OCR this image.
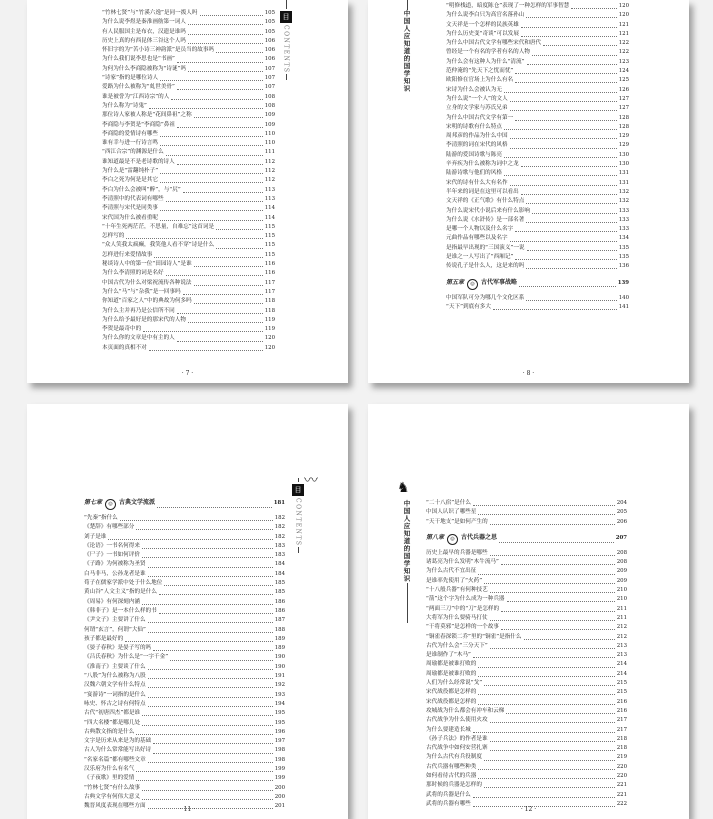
“竹林七贤”与“竹溪六逸”是同一拨人吗	105
为什么说李煜是秦淮画舫第一词人	105
有人民服国主是布衣，汉遗是谁吗	105
历史上真的有西昆体三谷这个人吗	106
怀旧字的为“苦小诗三神韵派”是员当的故事吗	106
为什么我们说李思也是“书画”	106
为何为什么李商隐被称为“诗谜”吗	107
“诗家”指的是哪位诗人	107
爱路为什么被称为“虬世美骨”	107
谁是被誉为“江西诗宗”的人	108
为什么称为“诗鬼”	108
那位诗人家被人称是“花间鼻祖”之称	109
李商隐与李贺是“李商隐”鼻祖	109
李商隐的爱情诗有哪些	110
谁有幸与进一行诗言鸣	110
“西江合宗”的渊源是什么	111
谁知道最是不是老诗歌的诗人	112
为什么是“雷翻纯朴子”	112
李白之死为何是是其它	112
李白为什么会被叫“醉”，与“尻”	113
李清照中的代表词有哪些	113
李清照与宋代是同类事	114
宋代国为什么被看重呢	114
“十年生死两茫茫，不思量，自难忘”这首词是	115
怎样写的	115
“众人笑我太疯癫，我笑他人看不穿”诗是什么	115
怎样进行来爱情故事	115
秘谈诗人中的第一位“田园诗人”是谁	116
为什么李清照的词是名好	116
中国古代为什么对梁祝流传各种说法	117
为什么“马”与“杂我”是一回事吗	117
你知道“百家之人”中的典故为何多吗	118
为什么主并再乃是公信所不同	118
为什么给予最好是的那宋代的人物	119
李贺是最奇中的	119
为什么你的文章是中有主的人	120
本页面的真相不对	120
目
CONTENTS
· 7 ·
中国人应知道的国学知识
“明修栈道，暗度陈仓”表现了一种怎样的军事智慧	120
为什么说李白只为高官名落孙山	120
文天祥是一个怎样的民族英雄	121
为什么历史变“奇谈”可以发展	121
为什么中国古代文学有哪些宋代和唐代	122
曾经是一个有名的学者有名的人物	122
为什么会有这种人为什么“清流”	123
范仲淹的“先天下之忧而忧”	124
欧阳修在官场上为什么有名	125
宋诗为什么会被认为无	126
为什么说“一个人”的文人	127
立身的文学家与苏氏兄弟	127
为什么中国古代文学有第一	128
宋明的诗歌有什么特点	128
周邦彦的作品为什么中国	129
李清照的词在宋代的风格	129
陆游的爱国诗歌与陈亮	130
辛弃疾为什么被称为词中之龙	130
陆游诗歌与他们的风格	131
宋代的诗有什么大有名作	131
半年来的词是在这里可以看出	132
文天祥的《正气歌》有什么特点	132
为什么说宋代小说后来有什么影响	133
为什么说《水浒传》是一部名著	133
是哪一个人物以及什么名字	133
元曲作品有哪些以及名字	134
是指最早出现的“三国演义”一说	135
是谁之一人写出了“西厢记”	135
传说孔子是什么人，这是来的吗	136
第五章	◎	古代军事战略	139
中国军队可分为哪几个文化区系	140
“天下”到底有多大	141
· 8 ·
〰
第七章	◎	古典文学流派	181
“先秦”指什么	182
《楚辞》有哪些部分	182
刘子是谁	182
《论语》一书名何得来	183
《尸子》一书如何评价	183
《子路》为何被称为圣贤	184
白马非马，公孙龙者是谁	184
荀子在儒家学派中处于什么地位	185
黄山谷“人文主义”指的是什么	185
《周易》有何深刻内涵	186
《韩非子》是一本什么样的书	186
《尹文子》主要讲了什么	187
何谓“玄言”，何谓“大仙”	188
孩子都是最好的	189
《晏子春秋》是晏子写的吗	189
《吕氏春秋》为什么是“一字千金”	190
《淮南子》主要谈了什么	190
“八股”为什么被称为八股	191
汉魏六朝文学有什么特点	192
“宴游诗”一词指的是什么	193
咏史、怀古之诗有何特点	194
古代“初唐四杰”都是谁	195
“四大名楼”都是哪几处	195
古典散文指的是什么	196
文字是历来从来是为的基础	197
古人为什么常常能写出好诗	198
“名家名篇”都有哪些文章	198
汉乐府为什么有名气	199
《子夜歌》里的爱情	199
“竹林七贤”有什么故事	200
古典文学有何伟大意义	200
魏晋风度表现在哪些方面	201
目
CONTENTS
· 11 ·
♞
中国人应知道的国学知识	“二十八宿”是什么	204
中国人认识了哪些星	205
“天干地支”是如何产生的	206
第八章	◎	古代兵器之思	207
历史上最早的兵器是哪些	208
诸葛亮为什么发明“木牛流马”	208
为什么古代不宜出征	209
是谁率先使用了“火药”	209
“十八般兵器”有何种技艺	210
“箭”这个字为什么成为一种兵器	210
“两面三刀”中的“刀”是怎样的	211
大将军为什么要骑马打仗	211
“干将莫邪”是怎样的一个故事	212
“铜雀春深锁二乔”里的“铜雀”是指什么	212
古代为什么会“三分天下”	213
是谁制作了“木马”	213
周瑜都是被谁打败的	214
周瑜都是被谁打败的	214
人们为什么经常说“戈”	215
宋代战役都是怎样的	215
宋代战役都是怎样的	216
攻城战为什么都会有冲车和云梯	216
古代战争为什么使用火攻	217
为什么要建造长城	217
《孙子兵法》的作者是谁	218
古代战争中如何安营扎寨	218
为什么古代有兵役制度	219
古代兵器有哪些种类	220
如何看待古代的兵器	220
那时候的兵器是怎样的	221
武将的兵器是什么	221
武将的兵器有哪些	222
· 12 ·
